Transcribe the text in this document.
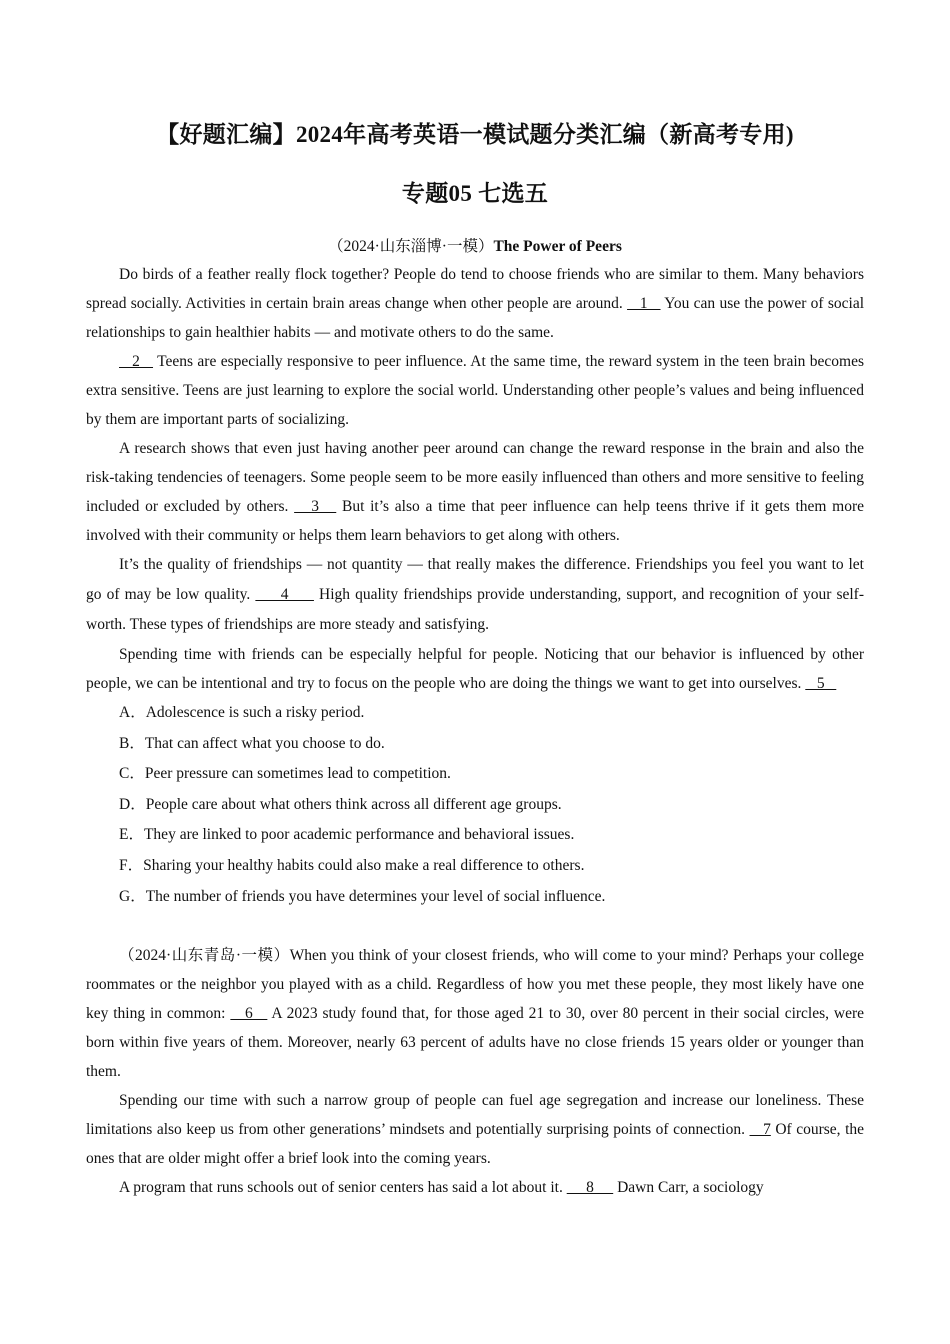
【好题汇编】2024年高考英语一模试题分类汇编（新高考专用)
专题05 七选五
（2024·山东淄博·一模）The Power of Peers

Do birds of a feather really flock together? People do tend to choose friends who are similar to them. Many behaviors spread socially. Activities in certain brain areas change when other people are around.    1    You can use the power of social relationships to gain healthier habits — and motivate others to do the same.

2    Teens are especially responsive to peer influence. At the same time, the reward system in the teen brain becomes extra sensitive. Teens are just learning to explore the social world. Understanding other people’s values and being influenced by them are important parts of socializing.

A research shows that even just having another peer around can change the reward response in the brain and also the risk-taking tendencies of teenagers. Some people seem to be more easily influenced than others and more sensitive to feeling included or excluded by others.    3    But it’s also a time that peer influence can help teens thrive if it gets them more involved with their community or helps them learn behaviors to get along with others.

It’s the quality of friendships — not quantity — that really makes the difference. Friendships you feel you want to let go of may be low quality.      4      High quality friendships provide understanding, support, and recognition of your self-worth. These types of friendships are more steady and satisfying.

Spending time with friends can be especially helpful for people. Noticing that our behavior is influenced by other people, we can be intentional and try to focus on the people who are doing the things we want to get into ourselves.    5

A．Adolescence is such a risky period.
B．That can affect what you choose to do.
C．Peer pressure can sometimes lead to competition.
D．People care about what others think across all different age groups.
E．They are linked to poor academic performance and behavioral issues.
F．Sharing your healthy habits could also make a real difference to others.
G．The number of friends you have determines your level of social influence.

（2024·山东青岛·一模）When you think of your closest friends, who will come to your mind? Perhaps your college roommates or the neighbor you played with as a child. Regardless of how you met these people, they most likely have one key thing in common:    6    A 2023 study found that, for those aged 21 to 30, over 80 percent in their social circles, were born within five years of them. Moreover, nearly 63 percent of adults have no close friends 15 years older or younger than them.

Spending our time with such a narrow group of people can fuel age segregation and increase our loneliness. These limitations also keep us from other generations’ mindsets and potentially surprising points of connection.    7 Of course, the ones that are older might offer a brief look into the coming years.

A program that runs schools out of senior centers has said a lot about it.      8      Dawn Carr, a sociology
